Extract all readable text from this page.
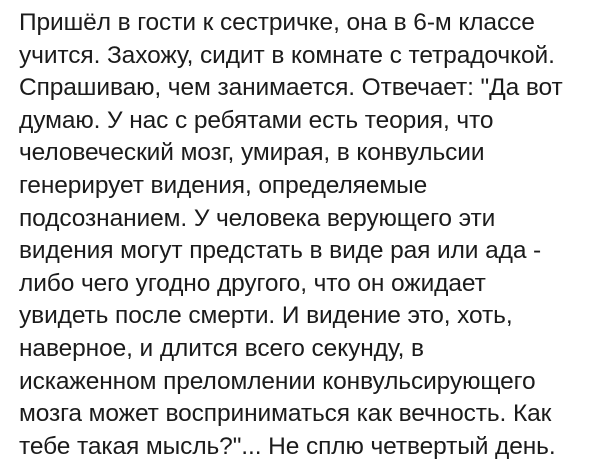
Пришёл в гости к сестричке, она в 6-м классе
учится. Захожу, сидит в комнате с тетрадочкой.
Спрашиваю, чем занимается. Отвечает: "Да вот
думаю. У нас с ребятами есть теория, что
человеческий мозг, умирая, в конвульсии
генерирует видения, определяемые
подсознанием. У человека верующего эти
видения могут предстать в виде рая или ада -
либо чего угодно другого, что он ожидает
увидеть после смерти. И видение это, хоть,
наверное, и длится всего секунду, в
искаженном преломлении конвульсирующего
мозга может восприниматься как вечность. Как
тебе такая мысль?"... Не сплю четвертый день.
